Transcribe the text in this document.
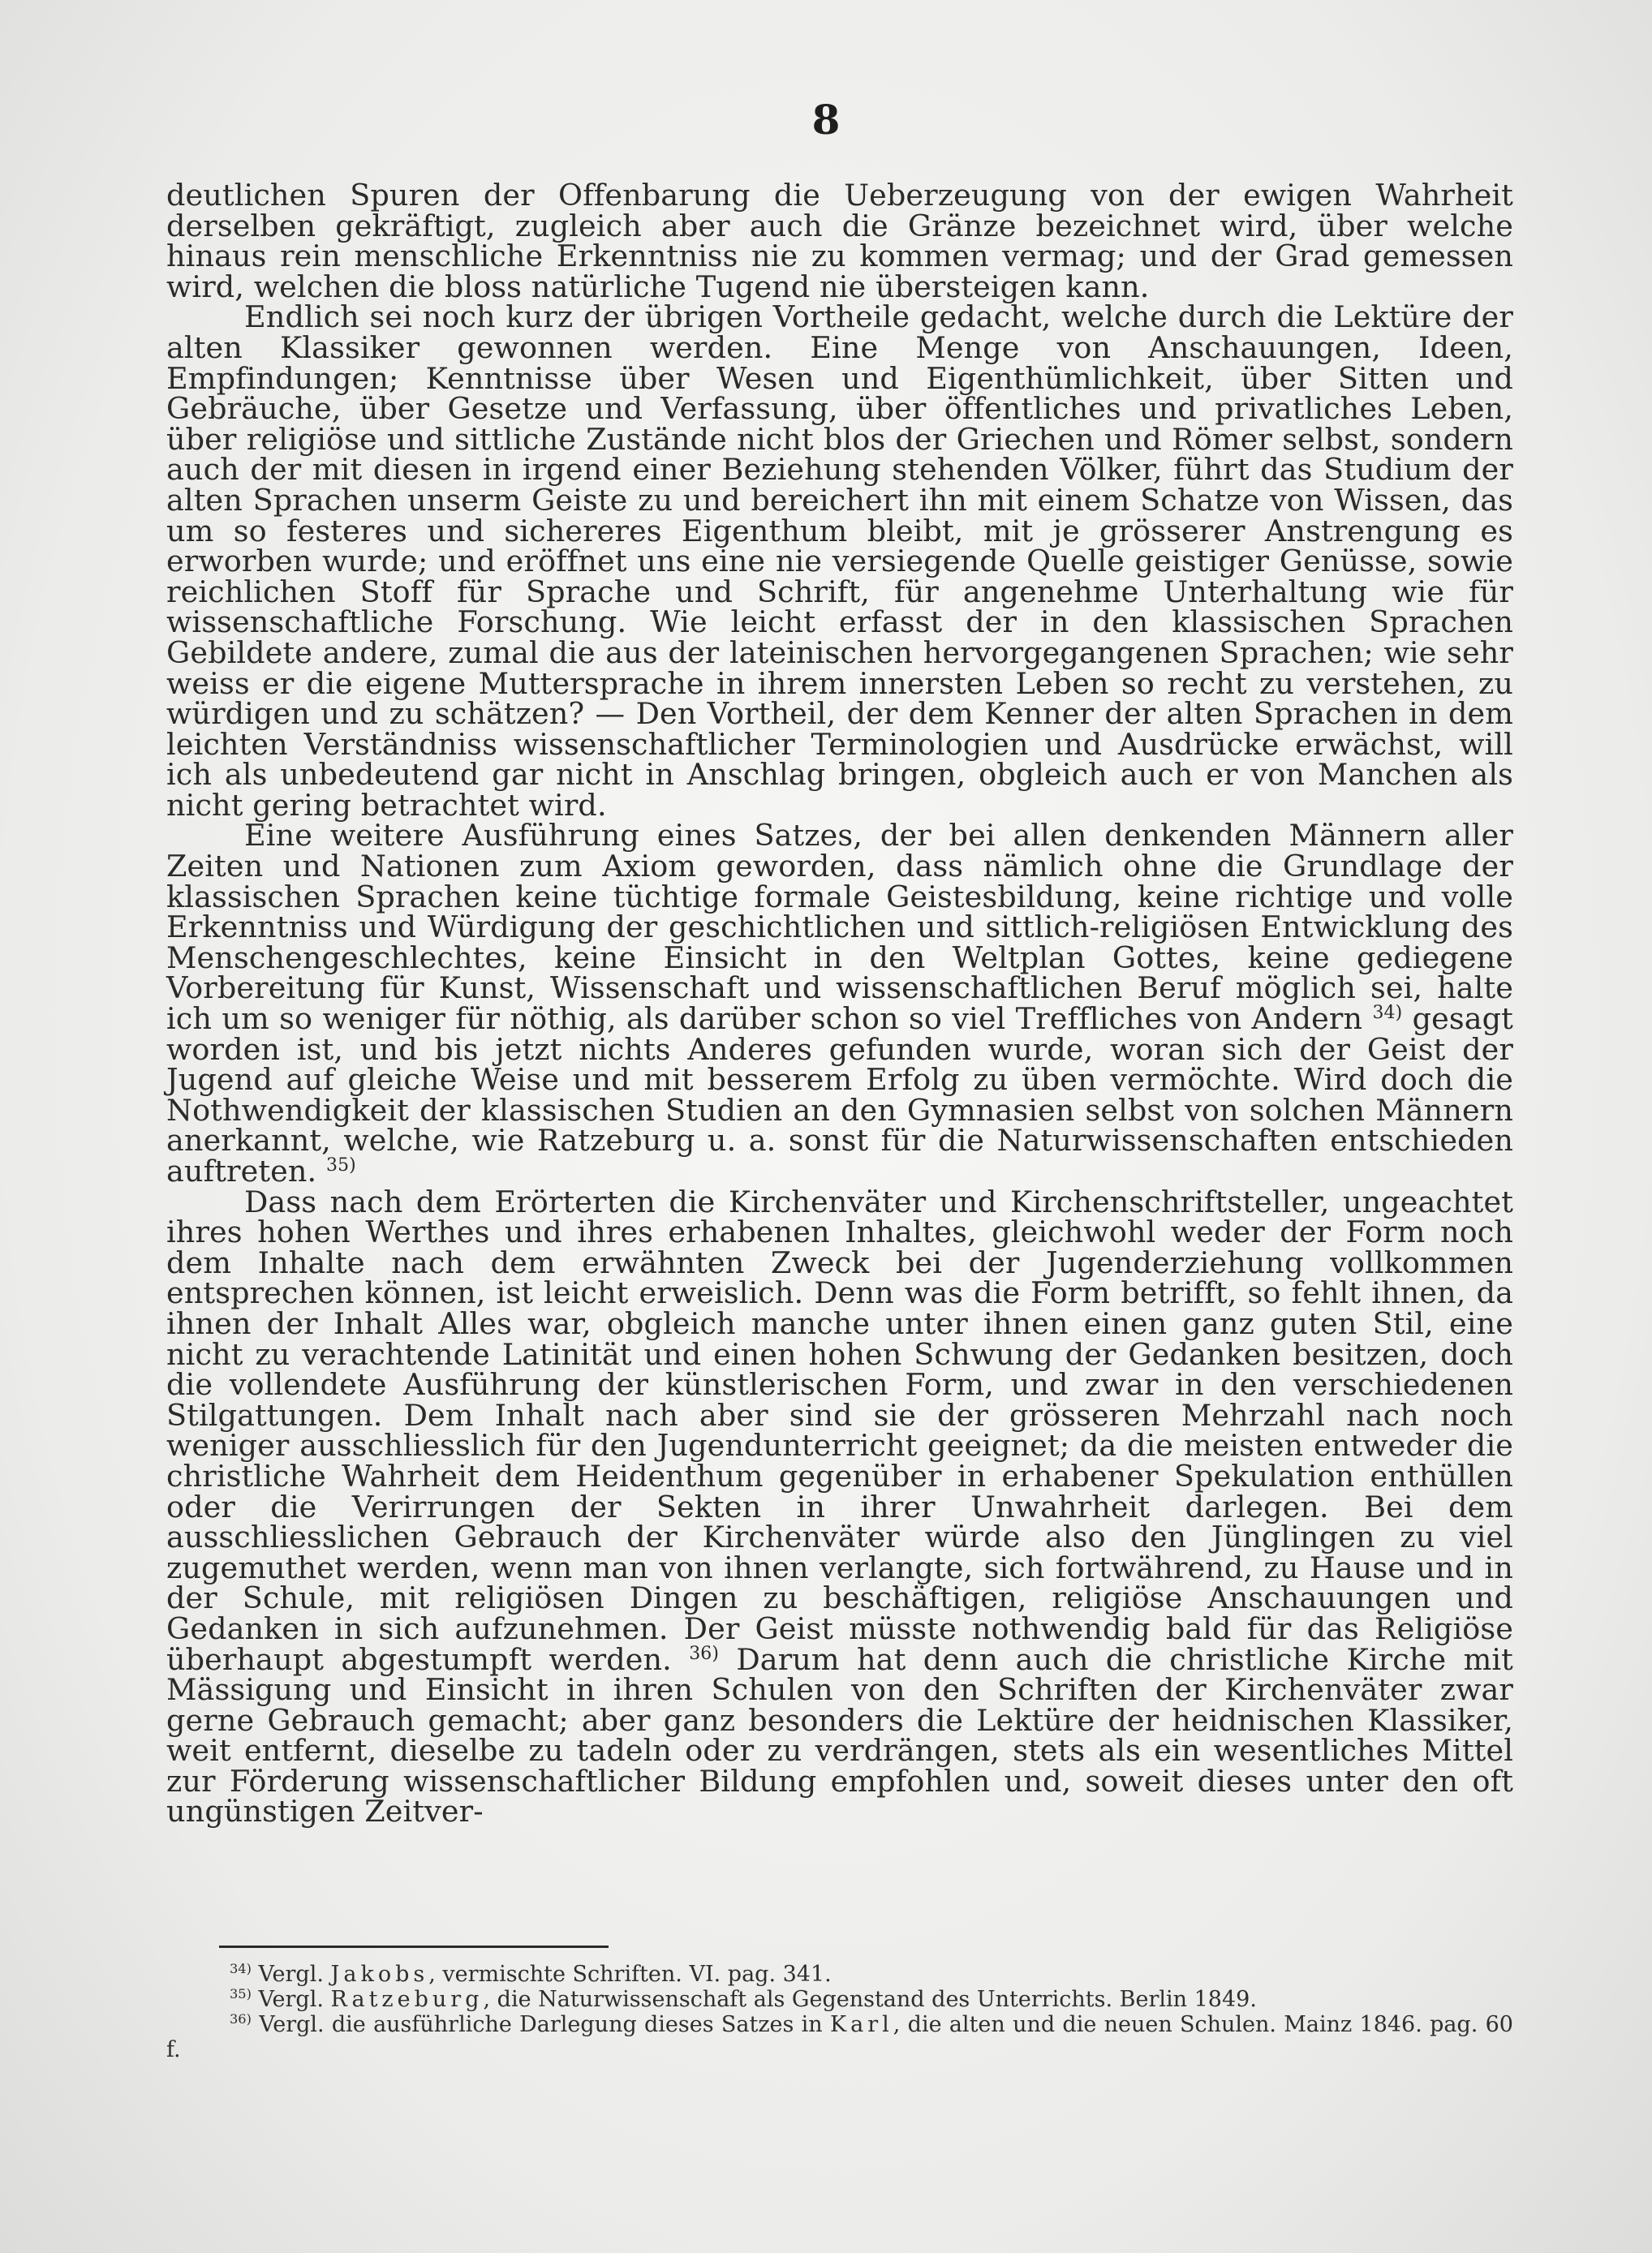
8

deutlichen Spuren der Offenbarung die Ueberzeugung von der ewigen Wahrheit derselben gekräftigt, zugleich aber auch die Gränze bezeichnet wird, über welche hinaus rein menschliche Erkenntniss nie zu kommen vermag; und der Grad gemessen wird, welchen die bloss natürliche Tugend nie übersteigen kann.

Endlich sei noch kurz der übrigen Vortheile gedacht, welche durch die Lektüre der alten Klassiker gewonnen werden. Eine Menge von Anschauungen, Ideen, Empfindungen; Kenntnisse über Wesen und Eigenthümlichkeit, über Sitten und Gebräuche, über Gesetze und Verfassung, über öffentliches und privatliches Leben, über religiöse und sittliche Zustände nicht blos der Griechen und Römer selbst, sondern auch der mit diesen in irgend einer Beziehung stehenden Völker, führt das Studium der alten Sprachen unserm Geiste zu und bereichert ihn mit einem Schatze von Wissen, das um so festeres und sichereres Eigenthum bleibt, mit je grösserer Anstrengung es erworben wurde; und eröffnet uns eine nie versiegende Quelle geistiger Genüsse, sowie reichlichen Stoff für Sprache und Schrift, für angenehme Unterhaltung wie für wissenschaftliche Forschung. Wie leicht erfasst der in den klassischen Sprachen Gebildete andere, zumal die aus der lateinischen hervorgegangenen Sprachen; wie sehr weiss er die eigene Muttersprache in ihrem innersten Leben so recht zu verstehen, zu würdigen und zu schätzen? — Den Vortheil, der dem Kenner der alten Sprachen in dem leichten Verständniss wissenschaftlicher Terminologien und Ausdrücke erwächst, will ich als unbedeutend gar nicht in Anschlag bringen, obgleich auch er von Manchen als nicht gering betrachtet wird.

Eine weitere Ausführung eines Satzes, der bei allen denkenden Männern aller Zeiten und Nationen zum Axiom geworden, dass nämlich ohne die Grundlage der klassischen Sprachen keine tüchtige formale Geistesbildung, keine richtige und volle Erkenntniss und Würdigung der geschichtlichen und sittlich-religiösen Entwicklung des Menschengeschlechtes, keine Einsicht in den Weltplan Gottes, keine gediegene Vorbereitung für Kunst, Wissenschaft und wissenschaftlichen Beruf möglich sei, halte ich um so weniger für nöthig, als darüber schon so viel Treffliches von Andern $^{34)}$ gesagt worden ist, und bis jetzt nichts Anderes gefunden wurde, woran sich der Geist der Jugend auf gleiche Weise und mit besserem Erfolg zu üben vermöchte. Wird doch die Nothwendigkeit der klassischen Studien an den Gymnasien selbst von solchen Männern anerkannt, welche, wie Ratzeburg u. a. sonst für die Naturwissenschaften entschieden auftreten. $^{35)}$

Dass nach dem Erörterten die Kirchenväter und Kirchenschriftsteller, ungeachtet ihres hohen Werthes und ihres erhabenen Inhaltes, gleichwohl weder der Form noch dem Inhalte nach dem erwähnten Zweck bei der Jugenderziehung vollkommen entsprechen können, ist leicht erweislich. Denn was die Form betrifft, so fehlt ihnen, da ihnen der Inhalt Alles war, obgleich manche unter ihnen einen ganz guten Stil, eine nicht zu verachtende Latinität und einen hohen Schwung der Gedanken besitzen, doch die vollendete Ausführung der künstlerischen Form, und zwar in den verschiedenen Stilgattungen. Dem Inhalt nach aber sind sie der grösseren Mehrzahl nach noch weniger ausschliesslich für den Jugendunterricht geeignet; da die meisten entweder die christliche Wahrheit dem Heidenthum gegenüber in erhabener Spekulation enthüllen oder die Verirrungen der Sekten in ihrer Unwahrheit darlegen. Bei dem ausschliesslichen Gebrauch der Kirchenväter würde also den Jünglingen zu viel zugemuthet werden, wenn man von ihnen verlangte, sich fortwährend, zu Hause und in der Schule, mit religiösen Dingen zu beschäftigen, religiöse Anschauungen und Gedanken in sich aufzunehmen. Der Geist müsste nothwendig bald für das Religiöse überhaupt abgestumpft werden. $^{36)}$ Darum hat denn auch die christliche Kirche mit Mässigung und Einsicht in ihren Schulen von den Schriften der Kirchenväter zwar gerne Gebrauch gemacht; aber ganz besonders die Lektüre der heidnischen Klassiker, weit entfernt, dieselbe zu tadeln oder zu verdrängen, stets als ein wesentliches Mittel zur Förderung wissenschaftlicher Bildung empfohlen und, soweit dieses unter den oft ungünstigen Zeitver-

$^{34)}$ Vergl. Jakobs, vermischte Schriften. VI. pag. 341.

$^{35)}$ Vergl. Ratzeburg, die Naturwissenschaft als Gegenstand des Unterrichts. Berlin 1849.

$^{36)}$ Vergl. die ausführliche Darlegung dieses Satzes in Karl, die alten und die neuen Schulen. Mainz 1846. pag. 60 f.
